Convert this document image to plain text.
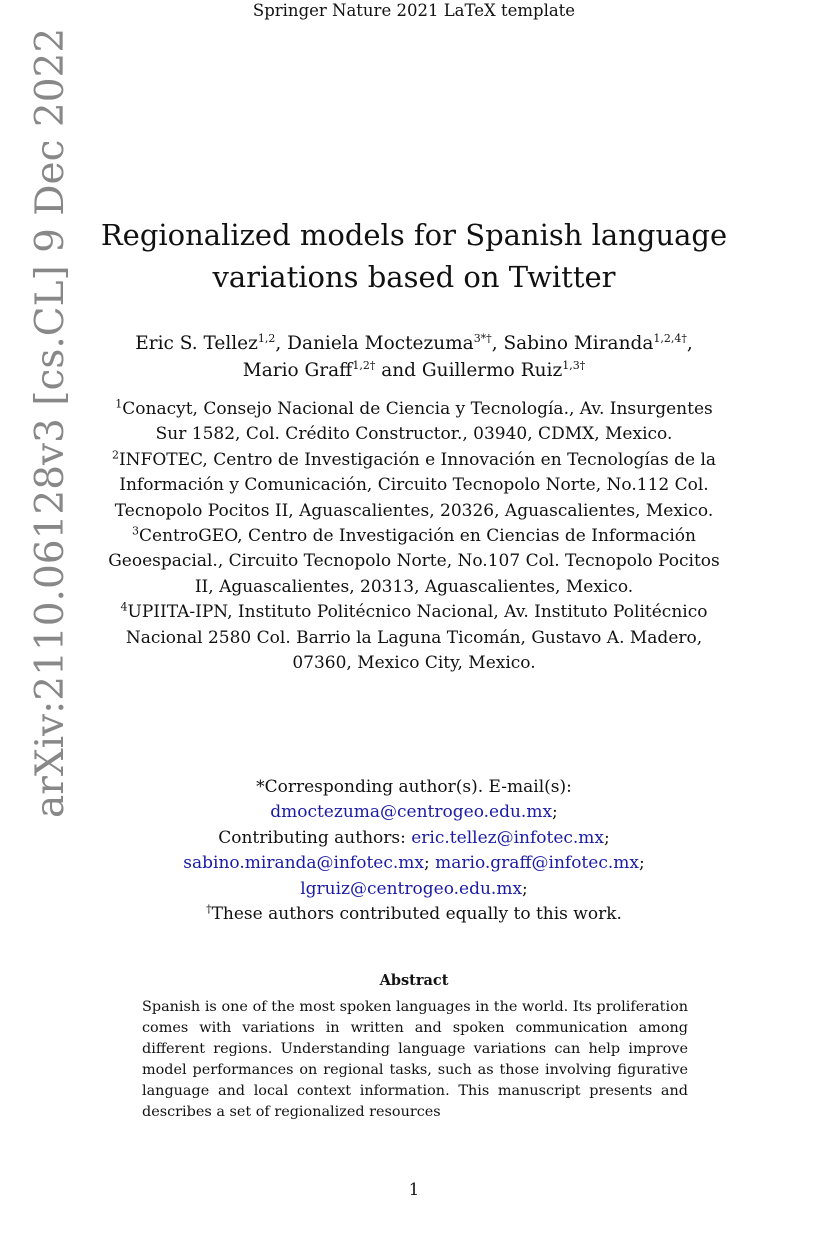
Springer Nature 2021 LaTeX template
arXiv:2110.06128v3 [cs.CL] 9 Dec 2022 Regionalized models for Spanish language variations based on Twitter
Eric S. Tellez$^{1,2}$, Daniela Moctezuma$^{3*\dagger}$, Sabino Miranda$^{1,2,4\dagger}$, Mario Graff$^{1,2\dagger}$ and Guillermo Ruiz$^{1,3\dagger}$
$^1$Conacyt, Consejo Nacional de Ciencia y Tecnología., Av. Insurgentes Sur 1582, Col. Crédito Constructor., 03940, CDMX, Mexico.
$^2$INFOTEC, Centro de Investigación e Innovación en Tecnologías de la Información y Comunicación, Circuito Tecnopolo Norte, No.112 Col. Tecnopolo Pocitos II, Aguascalientes, 20326, Aguascalientes, Mexico.
$^3$CentroGEO, Centro de Investigación en Ciencias de Información Geoespacial., Circuito Tecnopolo Norte, No.107 Col. Tecnopolo Pocitos II, Aguascalientes, 20313, Aguascalientes, Mexico.
$^4$UPIITA-IPN, Instituto Politécnico Nacional, Av. Instituto Politécnico Nacional 2580 Col. Barrio la Laguna Ticomán, Gustavo A. Madero, 07360, Mexico City, Mexico.
*Corresponding author(s). E-mail(s):
dmoctezuma@centrogeo.edu.mx;
Contributing authors: eric.tellez@infotec.mx;
sabino.miranda@infotec.mx; mario.graff@infotec.mx;
lgruiz@centrogeo.edu.mx;
†These authors contributed equally to this work.
Abstract
Spanish is one of the most spoken languages in the world. Its proliferation comes with variations in written and spoken communication among different regions. Understanding language variations can help improve model performances on regional tasks, such as those involving figurative language and local context information. This manuscript presents and describes a set of regionalized resources
1
